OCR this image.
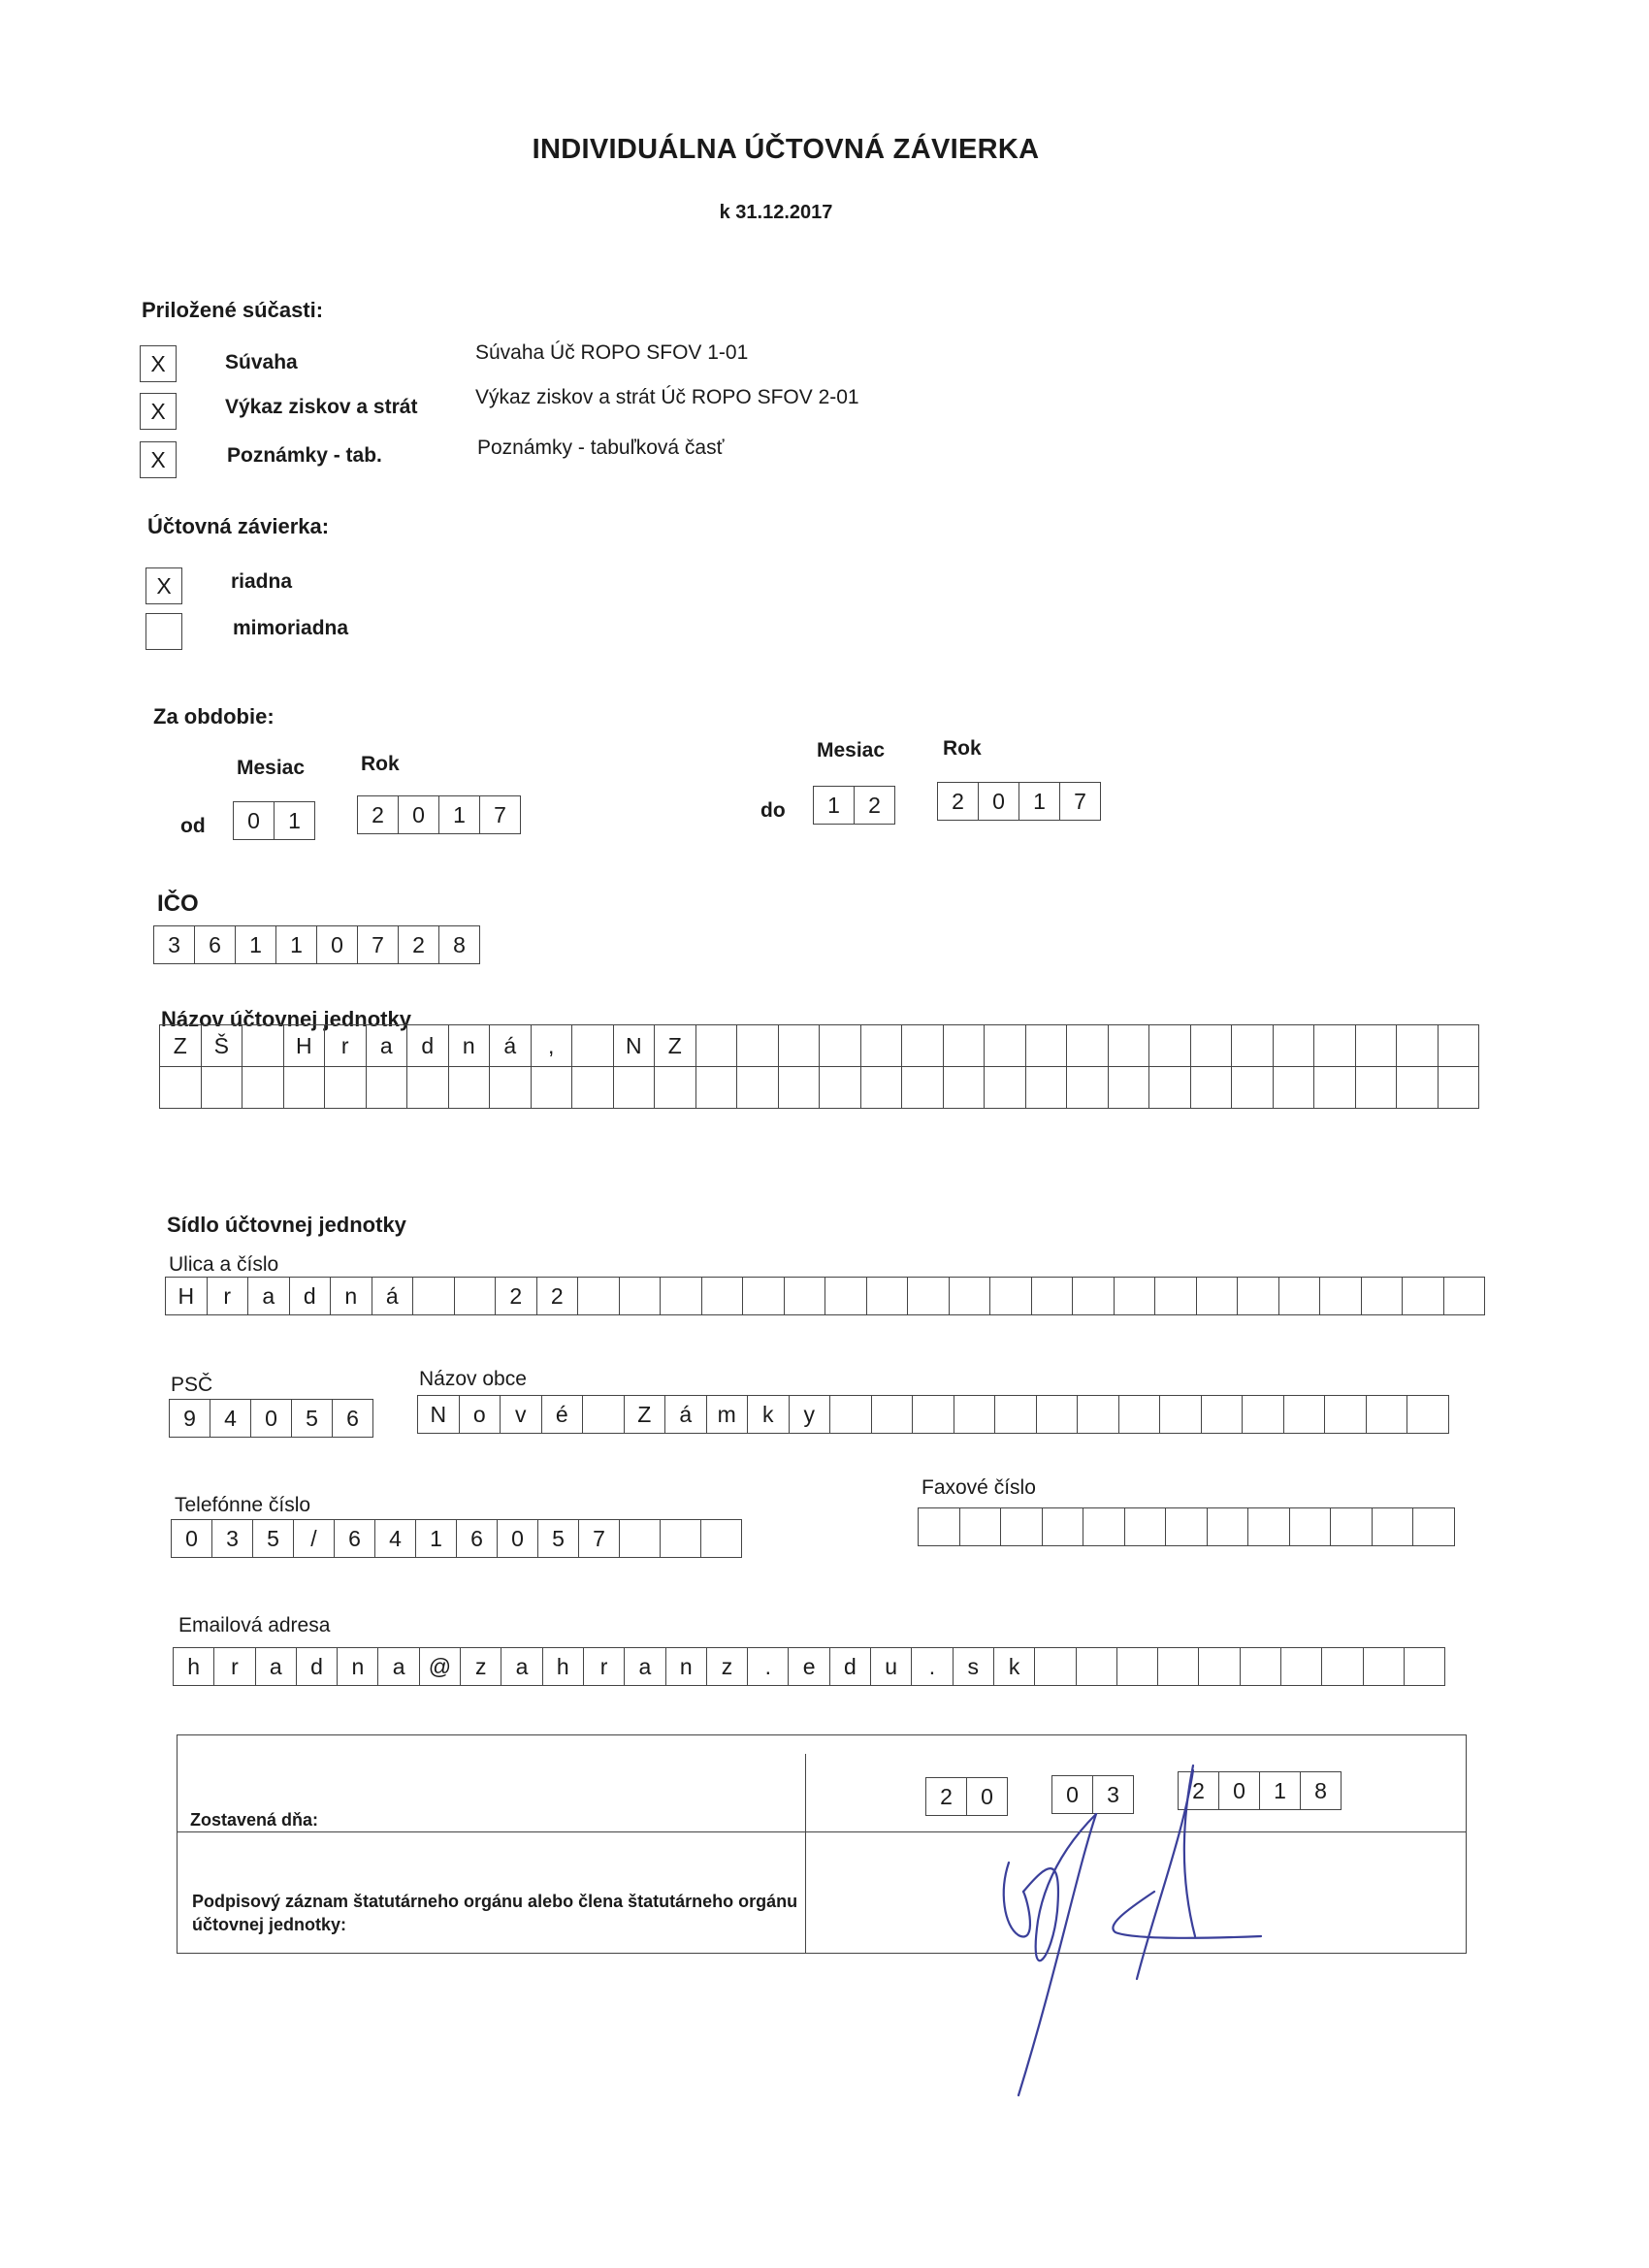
INDIVIDUÁLNA ÚČTOVNÁ ZÁVIERKA
k 31.12.2017
Priložené súčasti:
X	Súvaha	Súvaha Úč ROPO SFOV 1-01
X	Výkaz ziskov a strát	Výkaz ziskov a strát Úč ROPO SFOV 2-01
X	Poznámky - tab.	Poznámky - tabuľková časť
Účtovná závierka:
X	riadna
mimoriadna
Za obdobie:
Mesiac	Rok
od	0	1	2	0	1	7
Mesiac	Rok
do	1	2	2	0	1	7
IČO
3	6	1	1	0	7	2	8
Názov účtovnej jednotky
Z	Š	H	r	a	d	n	á	,	N	Z
Sídlo účtovnej jednotky
Ulica a číslo
H	r	a	d	n	á	2	2
PSČ
9	4	0	5	6
Názov obce
N	o	v	é	Z	á	m	k	y
Telefónne číslo
0	3	5	/	6	4	1	6	0	5	7
Faxové číslo
Emailová adresa
h	r	a	d	n	a	@	z	a	h	r	a	n	z	.	e	d	u	.	s	k
Zostavená dňa:
2	0	0	3	2	0	1	8
Podpisový záznam štatutárneho orgánu alebo člena štatutárneho orgánu
účtovnej jednotky:
